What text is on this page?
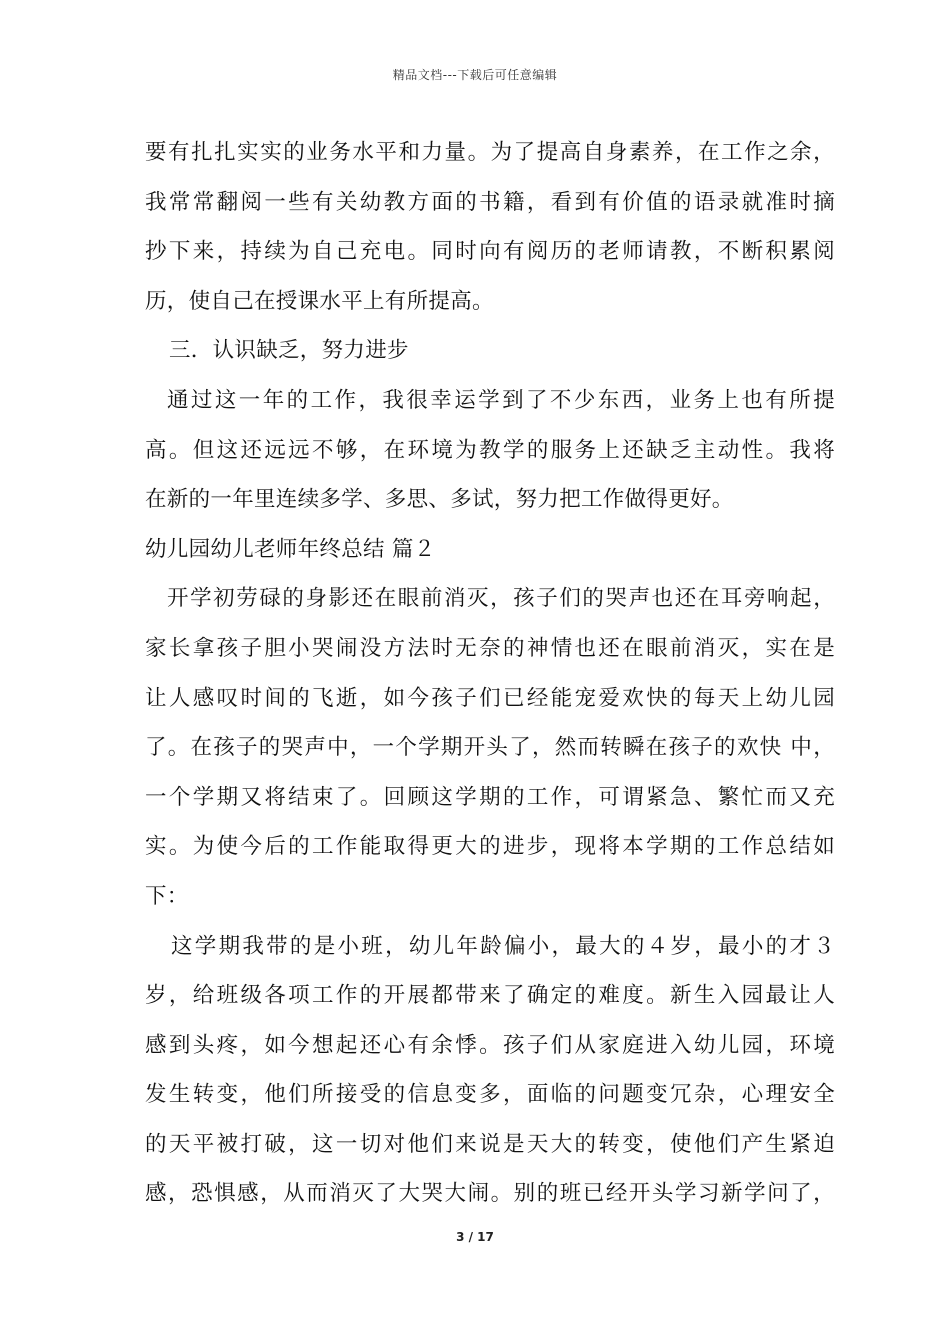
精品文档---下载后可任意编辑
要有扎扎实实的业务水平和力量。为了提高自身素养，在工作之余，
我常常翻阅一些有关幼教方面的书籍，看到有价值的语录就准时摘
抄下来，持续为自己充电。同时向有阅历的老师请教，不断积累阅
历，使自己在授课水平上有所提高。
三．认识缺乏，努力进步
通过这一年的工作，我很幸运学到了不少东西，业务上也有所提
高。但这还远远不够，在环境为教学的服务上还缺乏主动性。我将
在新的一年里连续多学、多思、多试，努力把工作做得更好。
幼儿园幼儿老师年终总结 篇２
开学初劳碌的身影还在眼前消灭，孩子们的哭声也还在耳旁响起，
家长拿孩子胆小哭闹没方法时无奈的神情也还在眼前消灭，实在是
让人感叹时间的飞逝，如今孩子们已经能宠爱欢快的每天上幼儿园
了。在孩子的哭声中，一个学期开头了，然而转瞬在孩子的欢快 中，
一个学期又将结束了。回顾这学期的工作，可谓紧急、繁忙而又充
实。为使今后的工作能取得更大的进步，现将本学期的工作总结如
下：
这学期我带的是小班，幼儿年龄偏小，最大的４岁，最小的才３
岁，给班级各项工作的开展都带来了确定的难度。新生入园最让人
感到头疼，如今想起还心有余悸。孩子们从家庭进入幼儿园，环境
发生转变，他们所接受的信息变多，面临的问题变冗杂，心理安全
的天平被打破，这一切对他们来说是天大的转变，使他们产生紧迫
感，恐惧感，从而消灭了大哭大闹。别的班已经开头学习新学问了，
3 / 17
